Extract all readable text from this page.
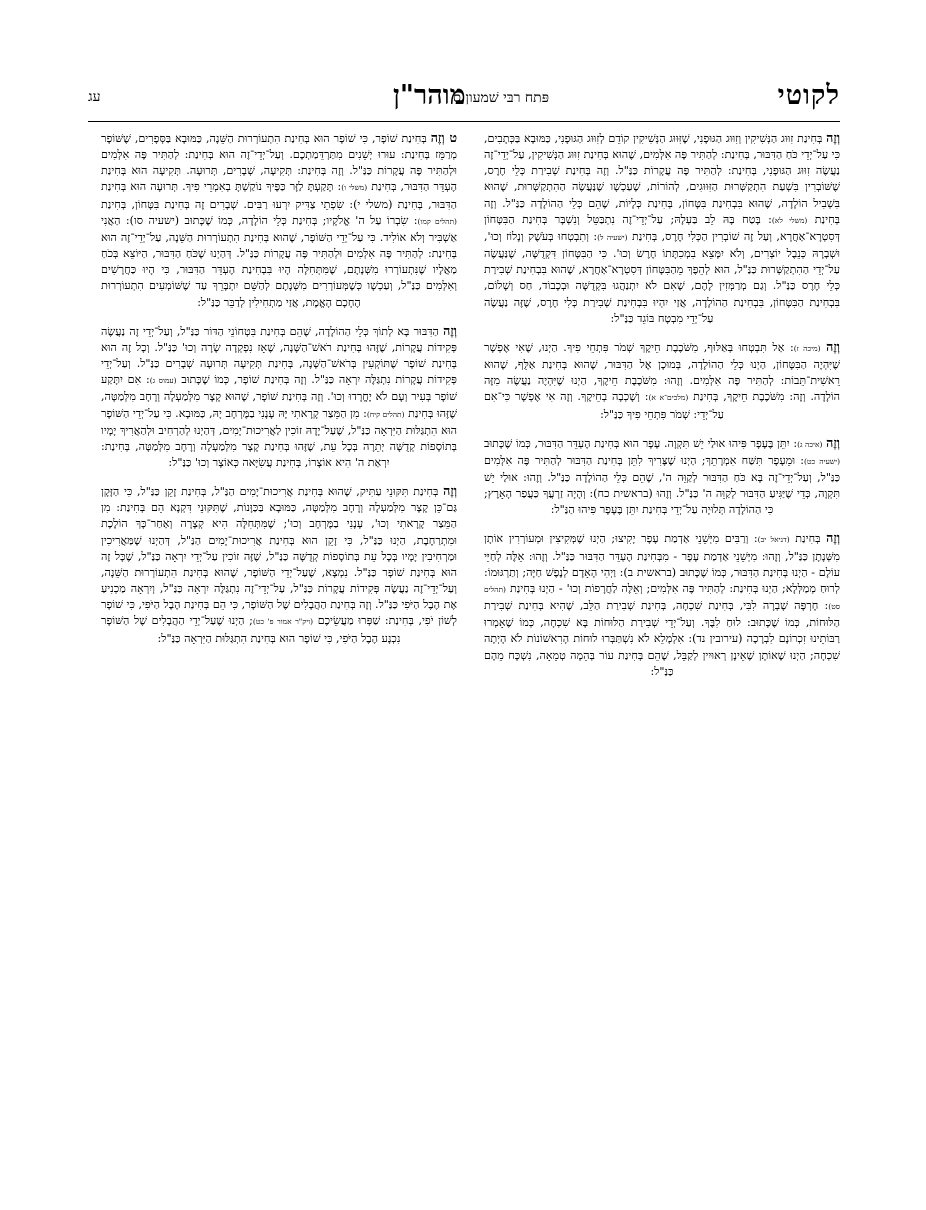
לקוטי
מוהר"ן
פּתח רבּי שׁמעון ס
עג

וְזֶה בְּחִינַת זִוּוּג הַנְּשִׁיקִין וְזִוּוּג הַגּוּפָנִי, שֶׁזִּוּוּג הַנְּשִׁיקִין קוֹדֵם לְזִוּוּג הַגּוּפָנִי, כַּמּוּבָא בַּכְּתָבִים, כִּי עַל־יְדֵי כֹּחַ הַדִּבּוּר, בְּחִינַת: לְהַתִּיר פֶּה אִלְּמִים, שֶׁהוּא בְּחִינַת זִוּוּג הַנְּשִׁיקִין, עַל־יְדֵי־זֶה נַעֲשֶׂה זִוּוּג הַגּוּפָנִי, בְּחִינַת: לְהַתִּיר פֶּה עֲקָרוֹת כַּנַּ"ל. וְזֶה בְּחִינַת שְׁבִירַת כְּלֵי חֶרֶס, שֶׁשּׁוֹבְרִין בִּשְׁעַת הִתְקַשְּׁרוּת הַזִּוּוּגִים, לְהוֹרוֹת, שֶׁעַכְשָׁו שֶׁנַּעֲשֶׂה הַהִתְקַשְּׁרוּת, שֶׁהוּא בִּשְׁבִיל הוֹלָדָה, שֶׁהוּא בִּבְחִינַת בִּטָּחוֹן, בְּחִינַת כְּלָיוֹת, שֶׁהֵם כְּלֵי הַהוֹלָדָה כַּנַּ"ל. וְזֶה בְּחִינַת (משלי לא): בָּטַח בָּהּ לֵב בַּעְלָהּ; עַל־יְדֵי־זֶה נִתְבַּטֵּל וְנִשְׁבָּר בְּחִינַת הַבִּטָּחוֹן דְּסִטְרָא־אַחֲרָא, וְעַל זֶה שׁוֹבְרִין הַכְּלִי חֶרֶס, בְּחִינַת (ישעיה ל): וְתִבְטְחוּ בְּעֹשֶׁק וְנָלוֹז וְכוּ', וּשְׁבָרָהּ כְּנֵבֶל יוֹצְרִים, וְלֹא יִמָּצֵא בִמְכִתָּתוֹ חֶרֶשׂ וְכוּ'. כִּי הַבִּטָּחוֹן דִּקְדֻשָּׁה, שֶׁנַּעֲשֶׂה עַל־יְדֵי הַהִתְקַשְּׁרוּת כַּנַּ"ל, הוּא לְהֵפֶךְ מֵהַבִּטָּחוֹן דְּסִטְרָא־אַחֲרָא, שֶׁהוּא בִּבְחִינַת שְׁבִירַת כְּלֵי חֶרֶס כַּנַּ"ל. וְגַם מְרַמְּזִין לָהֶם, שֶׁאִם לֹא יִתְנַהֲגוּ בִּקְדֻשָּׁה וּבְכָבוֹד, חַס וְשָׁלוֹם, בִּבְחִינַת הַבִּטָּחוֹן, בִּבְחִינַת הַהוֹלָדָה, אֲזַי יִהְיוּ בִּבְחִינַת שְׁבִירַת כְּלִי חֶרֶס, שֶׁזֶּה נַעֲשֶׂה עַל־יְדֵי מִבְטָח בּוֹגֵד כַּנַּ"ל:

וְזֶה (מיכה ז): אַל תִּבְטְחוּ בְּאַלּוּף, מִשֹּׁכֶבֶת חֵיקֶךָ שְׁמֹר פִּתְחֵי פִיךָ. הַיְנוּ, שֶׁאִי אֶפְשָׁר שֶׁיִּהְיֶה הַבִּטָּחוֹן, הַיְנוּ כְּלֵי הַהוֹלָדָה, בְּמוּכָן אֶל הַדִּבּוּר, שֶׁהוּא בְּחִינַת אַלֻּף, שֶׁהוּא רֵאשִׁית־תֵּבוֹת: לְהַתִּיר פֶּה אִלְּמִים. וְזֶהוּ: מִשֹּׁכֶבֶת חֵיקֶךָ, הַיְנוּ שֶׁיִּהְיֶה נַעֲשֶׂה מִזֶּה הוֹלָדָה. וְזֶה: מִשֹּׁכֶבֶת חֵיקֶךָ, בְּחִינַת (מלכים־א א): וְשָׁכְבָה בְחֵיקֶךָ. וְזֶה אִי אֶפְשָׁר כִּי־אִם עַל־יְדֵי: שְׁמֹר פִּתְחֵי פִיךָ כַּנַּ"ל:

וְזֶה (איכה ג): יִתֵּן בֶּעָפָר פִּיהוּ אוּלַי יֵשׁ תִּקְוָה. עָפָר הוּא בְּחִינַת הֶעְדֵּר הַדִּבּוּר, כְּמוֹ שֶׁכָּתוּב (ישעיה כט): וּמֵעָפָר תִּשַּׁח אִמְרָתֵךְ; הַיְנוּ שֶׁצָּרִיךְ לִתֵּן בְּחִינַת הַדִּבּוּר לְהַתִּיר פֶּה אִלְּמִים כַּנַּ"ל, וְעַל־יְדֵי־זֶה בָּא כֹּחַ הַדִּבּוּר לְקַוֵּה ה', שֶׁהֵם כְּלֵי הַהוֹלָדָה כַּנַּ"ל. וְזֶהוּ: אוּלַי יֵשׁ תִּקְוָה, כְּדֵי שֶׁיַּגִּיעַ הַדִּבּוּר לְקַוֵּה ה' כַּנַּ"ל. וְזֶהוּ (בראשית כח): וְהָיָה זַרְעֲךָ כַּעֲפַר הָאָרֶץ; כִּי הַהוֹלָדָה תְּלוּיָה עַל־יְדֵי בְּחִינַת יִתֵּן בֶּעָפָר פִּיהוּ הַנַּ"ל:

וְזֶה בְּחִינַת (דניאל יב): וְרַבִּים מִיְּשֵׁנֵי אַדְמַת עָפָר יָקִיצוּ; הַיְנוּ שֶׁמְּקִיצִין וּמְעוֹרְרִין אוֹתָן מִשְּׁנָתָן כַּנַּ"ל, וְזֶהוּ: מִיְּשֵׁנֵי אַדְמַת עָפָר - מִבְּחִינַת הֶעְדֵּר הַדִּבּוּר כַּנַּ"ל. וְזֶהוּ: אֵלֶּה לְחַיֵּי עוֹלָם - הַיְנוּ בְּחִינַת הַדִּבּוּר, כְּמוֹ שֶׁכָּתוּב (בראשית ב): וַיְהִי הָאָדָם לְנֶפֶשׁ חַיָּה; וְתַרְגּוּמוֹ: לְרוּחַ מְמַלְּלָא; הַיְנוּ בְּחִינַת: לְהַתִּיר פֶּה אִלְּמִים; וְאֵלֶּה לַחֲרָפוֹת וְכוּ' - הַיְנוּ בְּחִינַת (תהלים סט): חֶרְפָּה שָׁבְרָה לִבִּי, בְּחִינַת שִׁכְחָה, בְּחִינַת שְׁבִירַת הַלֵּב, שֶׁהִיא בְּחִינַת שְׁבִירַת הַלּוּחוֹת, כְּמוֹ שֶׁכָּתוּב: לוּחַ לִבֶּךָ. וְעַל־יְדֵי שְׁבִירַת הַלּוּחוֹת בָּא שִׁכְחָה, כְּמוֹ שֶׁאָמְרוּ רַבּוֹתֵינוּ זִכְרוֹנָם לִבְרָכָה (עירובין נד): אִלְמָלֵא לֹא נִשְׁתַּבְּרוּ לוּחוֹת הָרִאשׁוֹנוֹת לֹא הָיְתָה שִׁכְחָה; הַיְנוּ שֶׁאוֹתָן שֶׁאֵינָן רְאוּיִין לְקַבֵּל, שֶׁהֵם בְּחִינַת עוֹר בְּהֵמָה טְמֵאָה, נִשְׁכָּח מֵהֶם כַּנַּ"ל:

ט וְזֶה בְּחִינַת שׁוֹפָר, כִּי שׁוֹפָר הוּא בְּחִינַת הִתְעוֹרְרוּת הַשֵּׁנָה, כַּמּוּבָא בַּסְּפָרִים, שֶׁשּׁוֹפָר מְרַמֵּז בְּחִינַת: עוּרוּ יְשֵׁנִים מִתַּרְדֵּמַתְכֶם. וְעַל־יְדֵי־זֶה הוּא בְּחִינַת: לְהַתִּיר פֶּה אִלְּמִים וּלְהַתִּיר פֶּה עֲקָרוֹת כַּנַּ"ל. וְזֶה בְּחִינַת: תְּקִיעָה, שְׁבָרִים, תְּרוּעָה. תְּקִיעָה הוּא בְּחִינַת הֶעְדֵּר הַדִּבּוּר, בְּחִינַת (משלי ו): תָּקַעְתָּ לַזָּר כַּפֶּיךָ נוֹקַשְׁתָּ בְאִמְרֵי פִיךָ. תְּרוּעָה הוּא בְּחִינַת הַדִּבּוּר, בְּחִינַת (משלי י): שִׂפְתֵי צַדִּיק יִרְעוּ רַבִּים. שְׁבָרִים זֶה בְּחִינַת בִּטָּחוֹן, בְּחִינַת (תהלים קמו): שִׂבְרוֹ עַל ה' אֱלֹקָיו; בְּחִינַת כְּלֵי הוֹלָדָה, כְּמוֹ שֶׁכָּתוּב (ישעיה סו): הַאֲנִי אַשְׁבִּיר וְלֹא אוֹלִיד. כִּי עַל־יְדֵי הַשּׁוֹפָר, שֶׁהוּא בְּחִינַת הִתְעוֹרְרוּת הַשֵּׁנָה, עַל־יְדֵי־זֶה הוּא בְּחִינַת: לְהַתִּיר פֶּה אִלְּמִים וּלְהַתִּיר פֶּה עֲקָרוֹת כַּנַּ"ל. דְּהַיְנוּ שֶׁכֹּחַ הַדִּבּוּר, הַיּוֹצֵא בְּכֹחַ מַאֲלָיו שֶׁנִּתְעוֹרְרוּ מִשְּׁנָתָם, שֶׁמִּתְּחִלָּה הָיוּ בִּבְחִינַת הֶעְדֵּר הַדִּבּוּר, כִּי הָיוּ כַּחֲרָשִׁים וְאִלְּמִים כַּנַּ"ל, וְעַכְשָׁו כְּשֶׁמְּעוֹרְרִים מִשְּׁנָתָם לְהַשֵּׁם יִתְבָּרֵךְ עַד שֶׁשּׁוֹמְעִים הִתְעוֹרְרוּת הֶחָכָם הָאֱמֶת, אֲזַי מַתְחִילִין לְדַבֵּר כַּנַּ"ל:

וְזֶה הַדִּבּוּר בָּא לְתוֹךְ כְּלֵי הַהוֹלָדָה, שֶׁהֵם בְּחִינַת בִּטְחוֹנֵי הַדּוֹר כַּנַּ"ל, וְעַל־יְדֵי זֶה נַעֲשֶׂה פְּקִידוֹת עֲקָרוֹת, שֶׁזֶּהוּ בְּחִינַת רֹאשׁ־הַשָּׁנָה, שֶׁאָז נִפְקְדָה שָׂרָה וְכוּ' כַּנַּ"ל. וְכָל זֶה הוּא בְּחִינַת שׁוֹפָר שֶׁתּוֹקְעִין בְּרֹאשׁ־הַשָּׁנָה, בְּחִינַת תְּקִיעָה תְּרוּעָה שְׁבָרִים כַּנַּ"ל. וְעַל־יְדֵי פְּקִידוֹת עֲקָרוֹת נִתְגַּלֶּה יִרְאָה כַּנַּ"ל. וְזֶה בְּחִינַת שׁוֹפָר, כְּמוֹ שֶׁכָּתוּב (עמוס ג): אִם יִתָּקַע שׁוֹפָר בְּעִיר וְעָם לֹא יֶחֱרָדוּ וְכוּ'. וְזֶה בְּחִינַת שׁוֹפָר, שֶׁהוּא קָצָר מִלְּמַעְלָה וְרָחָב מִלְּמַטָּה, שֶׁזֶּהוּ בְּחִינַת (תהלים קיח): מִן הַמֵּצַר קָרָאתִי יָּהּ עָנָנִי בַמֶּרְחָב יָהּ, כַּמּוּבָא. כִּי עַל־יְדֵי הַשּׁוֹפָר הוּא הִתְגַּלּוּת הַיִּרְאָה כַּנַּ"ל, שֶׁעַל־יָדָהּ זוֹכִין לַאֲרִיכוּת־יָמִים, דְּהַיְנוּ לְהַרְחִיב וּלְהַאֲרִיךְ יָמָיו בְּתוֹסָפוֹת קְדֻשָּׁה יְתֵרָה בְּכָל עֵת, שֶׁזֶּהוּ בְּחִינַת קָצָר מִלְּמַעְלָה וְרָחָב מִלְּמַטָּה, בְּחִינַת: יִרְאַת ה' הִיא אוֹצָרוֹ, בְּחִינַת עֲשִׂיָּאה כְּאוֹצָר וְכוּ' כַּנַּ"ל:

וְזֶה בְּחִינַת תִּקּוּנֵי עַתִּיק, שֶׁהוּא בְּחִינַת אֲרִיכוּת־יָמִים הַנַּ"ל, בְּחִינַת זָקֵן כַּנַּ"ל, כִּי הַזָּקָן גַּם־כֵּן קָצָר מִלְּמַעְלָה וְרָחָב מִלְּמַטָּה, כַּמּוּבָא בַּכַּוָּנוֹת, שֶׁתִּקּוּנֵי דִּקְנָא הֵם בְּחִינַת: מִן הַמֵּצַר קָרָאתִי וְכוּ', עָנָנִי בַמֶּרְחָב וְכוּ'; שֶׁמִּתְּחִלָּה הִיא קְצָרָה וְאַחַר־כָּךְ הוֹלֶכֶת וּמִתְרַחֶבֶת, הַיְנוּ כַּנַּ"ל, כִּי זָקֵן הוּא בְּחִינַת אֲרִיכוּת־יָמִים הַנַּ"ל, דְּהַיְנוּ שֶׁמַּאֲרִיכִין וּמַרְחִיבִין יָמָיו בְּכָל עֵת בְּתוֹסָפוֹת קְדֻשָּׁה כַּנַּ"ל, שֶׁזֶּה זוֹכִין עַל־יְדֵי יִרְאָה כַּנַּ"ל, שֶׁכָּל זֶה הוּא בְּחִינַת שׁוֹפָר כַּנַּ"ל. נִמְצָא, שֶׁעַל־יְדֵי הַשּׁוֹפָר, שֶׁהוּא בְּחִינַת הִתְעוֹרְרוּת הַשֵּׁנָה, וְעַל־יְדֵי־זֶה נַעֲשֶׂה פְּקִידוֹת עֲקָרוֹת כַּנַּ"ל, עַל־יְדֵי־זֶה נִתְגַּלֶּה יִרְאָה כַּנַּ"ל, וְיִרְאָה מַכְנִיעַ אֶת הֶבֶל הַיֹּפִי כַּנַּ"ל. וְזֶה בְּחִינַת הַהֲבָלִים שֶׁל הַשּׁוֹפָר, כִּי הֵם בְּחִינַת הֶבֶל הַיֹּפִי, כִּי שׁוֹפָר לְשׁוֹן יֹפִי, בְּחִינַת: שַׁפְּרוּ מַעֲשֵׂיכֶם (ויק"ר אמור פ' כט); הַיְנוּ שֶׁעַל־יְדֵי הַהֲבָלִים שֶׁל הַשּׁוֹפָר נִכְנָע הֶבֶל הַיֹּפִי, כִּי שׁוֹפָר הוּא בְּחִינַת הִתְגַּלּוּת הַיִּרְאָה כַּנַּ"ל:
